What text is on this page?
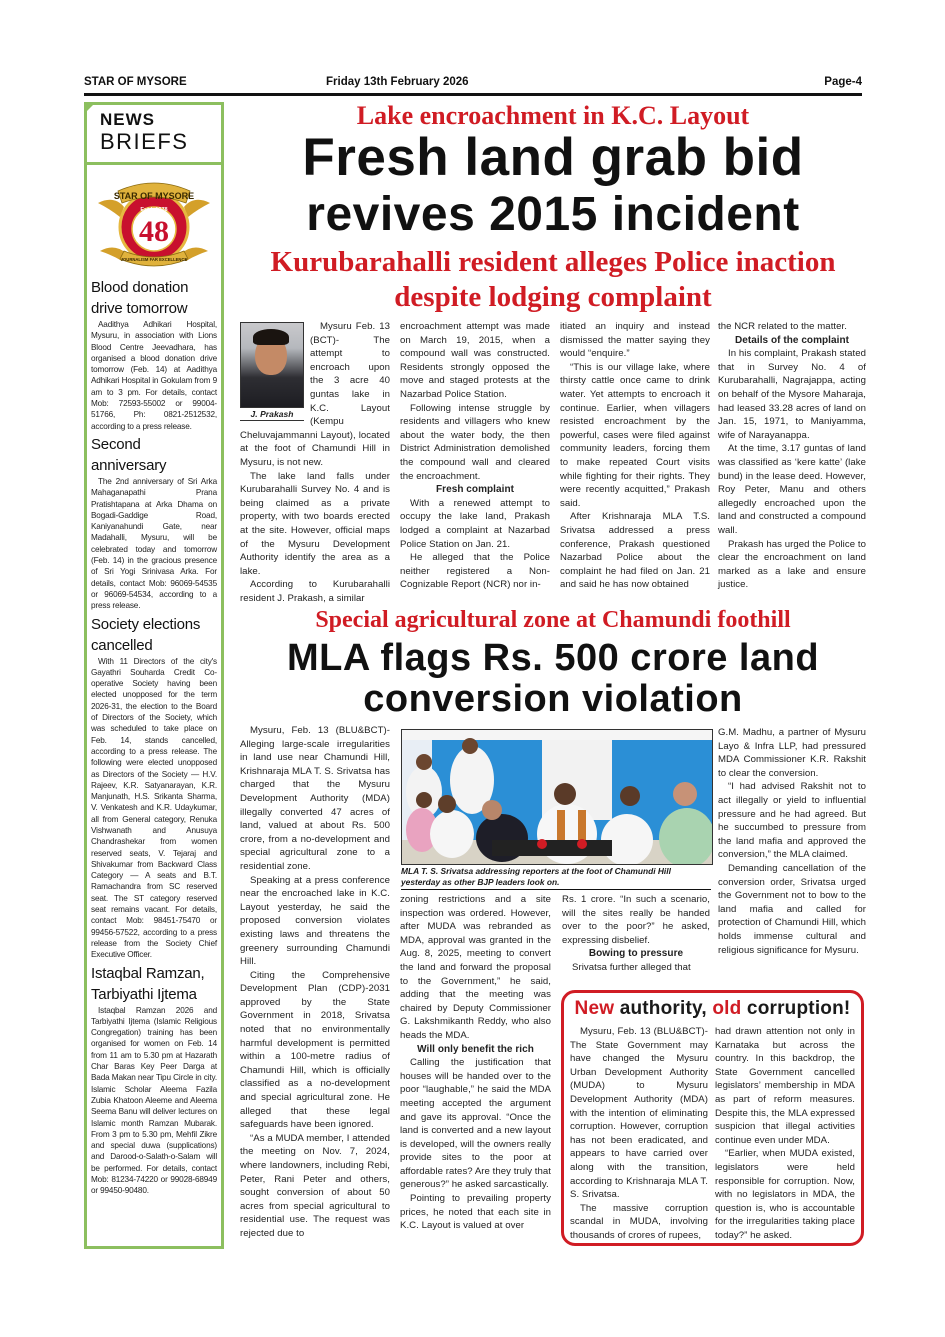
STAR OF MYSORE	Friday 13th February 2026	Page-4
NEWS
BRIEFS
STAR OF MYSORE
Estd. 1978
48
JOURNALISM FAR EXCELLENCE
Blood donation drive tomorrow
Aadithya Adhikari Hospital, Mysuru, in association with Lions Blood Centre Jeevadhara, has organised a blood donation drive tomorrow (Feb. 14) at Aadithya Adhikari Hospital in Gokulam from 9 am to 3 pm. For details, contact Mob: 72593-55002 or 99004-51766, Ph: 0821-2512532, according to a press release.
Second anniversary
The 2nd anniversary of Sri Arka Mahaganapathi Prana Pratishtapana at Arka Dhama on Bogadi-Gaddige Road, Kaniyanahundi Gate, near Madahalli, Mysuru, will be celebrated today and tomorrow (Feb. 14) in the gracious presence of Sri Yogi Srinivasa Arka. For details, contact Mob: 96069-54535 or 96069-54534, according to a press release.
Society elections cancelled
With 11 Directors of the city's Gayathri Souharda Credit Co-operative Society having been elected unopposed for the term 2026-31, the election to the Board of Directors of the Society, which was scheduled to take place on Feb. 14, stands cancelled, according to a press release. The following were elected unopposed as Directors of the Society — H.V. Rajeev, K.R. Satyanarayan, K.R. Manjunath, H.S. Srikanta Sharma, V. Venkatesh and K.R. Udaykumar, all from General category, Renuka Vishwanath and Anusuya Chandrashekar from women reserved seats, V. Tejaraj and Shivakumar from Backward Class Category — A seats and B.T. Ramachandra from SC reserved seat. The ST category reserved seat remains vacant. For details, contact Mob: 98451-75470 or 99456-57522, according to a press release from the Society Chief Executive Officer.
Istaqbal Ramzan, Tarbiyathi Ijtema
Istaqbal Ramzan 2026 and Tarbiyathi Ijtema (Islamic Religious Congregation) training has been organised for women on Feb. 14 from 11 am to 5.30 pm at Hazarath Char Baras Key Peer Darga at Bada Makan near Tipu Circle in city. Islamic Scholar Aleema Fazila Zubia Khatoon Aleeme and Aleema Seema Banu will deliver lectures on Islamic month Ramzan Mubarak. From 3 pm to 5.30 pm, Mehfil Zikre and special duwa (supplications) and Darood-o-Salath-o-Salam will be performed. For details, contact Mob: 81234-74220 or 99028-68949 or 99450-90480.
Lake encroachment in K.C. Layout
Fresh land grab bid
revives 2015 incident
Kurubarahalli resident alleges Police inaction
despite lodging complaint
J. Prakash

Mysuru Feb. 13 (BCT)- The attempt to encroach upon the 3 acre 40 guntas lake in K.C. Layout (Kempu Cheluvajammanni Layout), located at the foot of Chamundi Hill in Mysuru, is not new.

The lake land falls under Kurubarahalli Survey No. 4 and is being claimed as a private property, with two boards erected at the site. However, official maps of the Mysuru Development Authority identify the area as a lake.

According to Kurubarahalli resident J. Prakash, a similar

encroachment attempt was made on March 19, 2015, when a compound wall was constructed. Residents strongly opposed the move and staged protests at the Nazarbad Police Station.

Following intense struggle by residents and villagers who knew about the water body, the then District Administration demolished the compound wall and cleared the encroachment.

Fresh complaint

With a renewed attempt to occupy the lake land, Prakash lodged a complaint at Nazarbad Police Station on Jan. 21.

He alleged that the Police neither registered a Non-Cognizable Report (NCR) nor in-

itiated an inquiry and instead dismissed the matter saying they would “enquire.”

“This is our village lake, where thirsty cattle once came to drink water. Yet attempts to encroach it continue. Earlier, when villagers resisted encroachment by the powerful, cases were filed against community leaders, forcing them to make repeated Court visits while fighting for their rights. They were recently acquitted,” Prakash said.

After Krishnaraja MLA T.S. Srivatsa addressed a press conference, Prakash questioned Nazarbad Police about the complaint he had filed on Jan. 21 and said he has now obtained

the NCR related to the matter.

Details of the complaint

In his complaint, Prakash stated that in Survey No. 4 of Kurubarahalli, Nagrajappa, acting on behalf of the Mysore Maharaja, had leased 33.28 acres of land on Jan. 15, 1971, to Maniyamma, wife of Narayanappa.

At the time, 3.17 guntas of land was classified as ‘kere katte’ (lake bund) in the lease deed. However, Roy Peter, Manu and others allegedly encroached upon the land and constructed a compound wall.

Prakash has urged the Police to clear the encroachment on land marked as a lake and ensure justice.

Special agricultural zone at Chamundi foothill
MLA flags Rs. 500 crore land
conversion violation
MLA T. S. Srivatsa addressing reporters at the foot of Chamundi Hill yesterday as other BJP leaders look on.

Mysuru, Feb. 13 (BLU&BCT)- Alleging large-scale irregularities in land use near Chamundi Hill, Krishnaraja MLA T. S. Srivatsa has charged that the Mysuru Development Authority (MDA) illegally converted 47 acres of land, valued at about Rs. 500 crore, from a no-development and special agricultural zone to a residential zone.

Speaking at a press conference near the encroached lake in K.C. Layout yesterday, he said the proposed conversion violates existing laws and threatens the greenery surrounding Chamundi Hill.

Citing the Comprehensive Development Plan (CDP)-2031 approved by the State Government in 2018, Srivatsa noted that no environmentally harmful development is permitted within a 100-metre radius of Chamundi Hill, which is officially classified as a no-development and special agricultural zone. He alleged that these legal safeguards have been ignored.

“As a MUDA member, I attended the meeting on Nov. 7, 2024, where landowners, including Rebi, Peter, Rani Peter and others, sought conversion of about 50 acres from special agricultural to residential use. The request was rejected due to

zoning restrictions and a site inspection was ordered. However, after MUDA was rebranded as MDA, approval was granted in the Aug. 8, 2025, meeting to convert the land and forward the proposal to the Government,” he said, adding that the meeting was chaired by Deputy Commissioner G. Lakshmikanth Reddy, who also heads the MDA.

Will only benefit the rich

Calling the justification that houses will be handed over to the poor “laughable,” he said the MDA meeting accepted the argument and gave its approval. “Once the land is converted and a new layout is developed, will the owners really provide sites to the poor at affordable rates? Are they truly that generous?” he asked sarcastically.

Pointing to prevailing property prices, he noted that each site in K.C. Layout is valued at over

Rs. 1 crore. “In such a scenario, will the sites really be handed over to the poor?” he asked, expressing disbelief.

Bowing to pressure

Srivatsa further alleged that

G.M. Madhu, a partner of Mysuru Layo & Infra LLP, had pressured MDA Commissioner K.R. Rakshit to clear the conversion.

“I had advised Rakshit not to act illegally or yield to influential pressure and he had agreed. But he succumbed to pressure from the land mafia and approved the conversion,” the MLA claimed.

Demanding cancellation of the conversion order, Srivatsa urged the Government not to bow to the land mafia and called for protection of Chamundi Hill, which holds immense cultural and religious significance for Mysuru.

New authority, old corruption!

Mysuru, Feb. 13 (BLU&BCT)- The State Government may have changed the Mysuru Urban Development Authority (MUDA) to Mysuru Development Authority (MDA) with the intention of eliminating corruption. However, corruption has not been eradicated, and appears to have carried over along with the transition, according to Krishnaraja MLA T. S. Srivatsa.

The massive corruption scandal in MUDA, involving thousands of crores of rupees,

had drawn attention not only in Karnataka but across the country. In this backdrop, the State Government cancelled legislators’ membership in MDA as part of reform measures. Despite this, the MLA expressed suspicion that illegal activities continue even under MDA.

“Earlier, when MUDA existed, legislators were held responsible for corruption. Now, with no legislators in MDA, the question is, who is accountable for the irregularities taking place today?” he asked.
